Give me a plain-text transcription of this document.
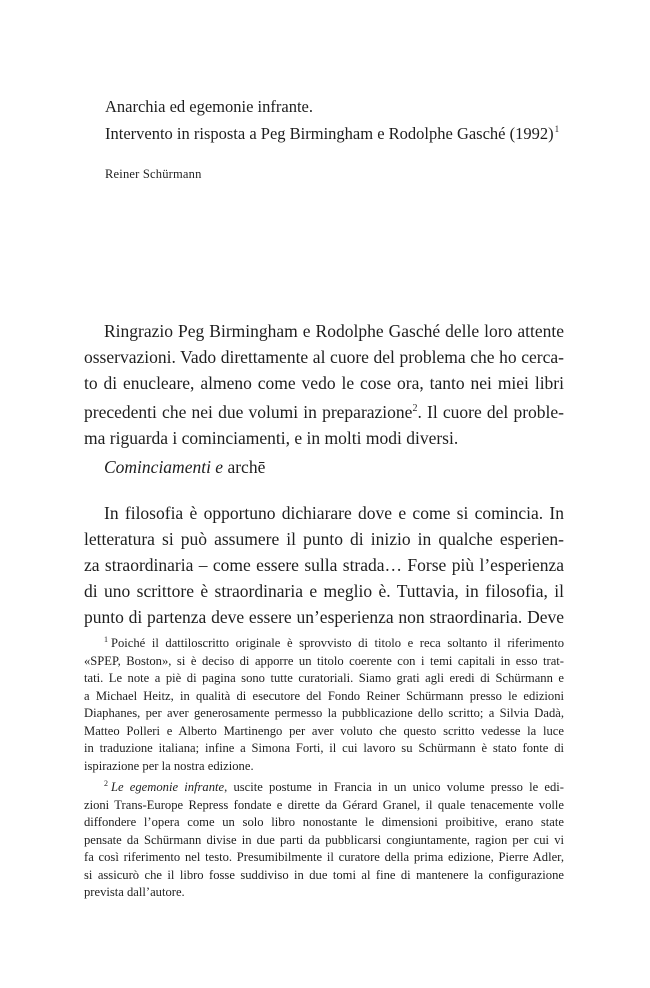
Anarchia ed egemonie infrante.
Intervento in risposta a Peg Birmingham e Rodolphe Gasché $(1992)^1$
Reiner Schürmann
Ringrazio Peg Birmingham e Rodolphe Gasché delle loro attente
osservazioni. Vado direttamente al cuore del problema che ho cerca-
to di enucleare, almeno come vedo le cose ora, tanto nei miei libri
precedenti che nei due volumi in preparazione$^2$. Il cuore del proble-
ma riguarda i cominciamenti, e in molti modi diversi.
Cominciamenti e archē
In filosofia è opportuno dichiarare dove e come si comincia. In
letteratura si può assumere il punto di inizio in qualche esperien-
za straordinaria – come essere sulla strada… Forse più l’esperienza
di uno scrittore è straordinaria e meglio è. Tuttavia, in filosofia, il
punto di partenza deve essere un’esperienza non straordinaria. Deve
$^1$ Poiché il dattiloscritto originale è sprovvisto di titolo e reca soltanto il riferimento
«SPEP, Boston», si è deciso di apporre un titolo coerente con i temi capitali in esso trat-
tati. Le note a piè di pagina sono tutte curatoriali. Siamo grati agli eredi di Schürmann e
a Michael Heitz, in qualità di esecutore del Fondo Reiner Schürmann presso le edizioni
Diaphanes, per aver generosamente permesso la pubblicazione dello scritto; a Silvia Dadà,
Matteo Polleri e Alberto Martinengo per aver voluto che questo scritto vedesse la luce
in traduzione italiana; infine a Simona Forti, il cui lavoro su Schürmann è stato fonte di
ispirazione per la nostra edizione.
$^2$ Le egemonie infrante, uscite postume in Francia in un unico volume presso le edi-
zioni Trans-Europe Repress fondate e dirette da Gérard Granel, il quale tenacemente volle
diffondere l’opera come un solo libro nonostante le dimensioni proibitive, erano state
pensate da Schürmann divise in due parti da pubblicarsi congiuntamente, ragion per cui vi
fa così riferimento nel testo. Presumibilmente il curatore della prima edizione, Pierre Adler,
si assicurò che il libro fosse suddiviso in due tomi al fine di mantenere la configurazione
prevista dall’autore.
